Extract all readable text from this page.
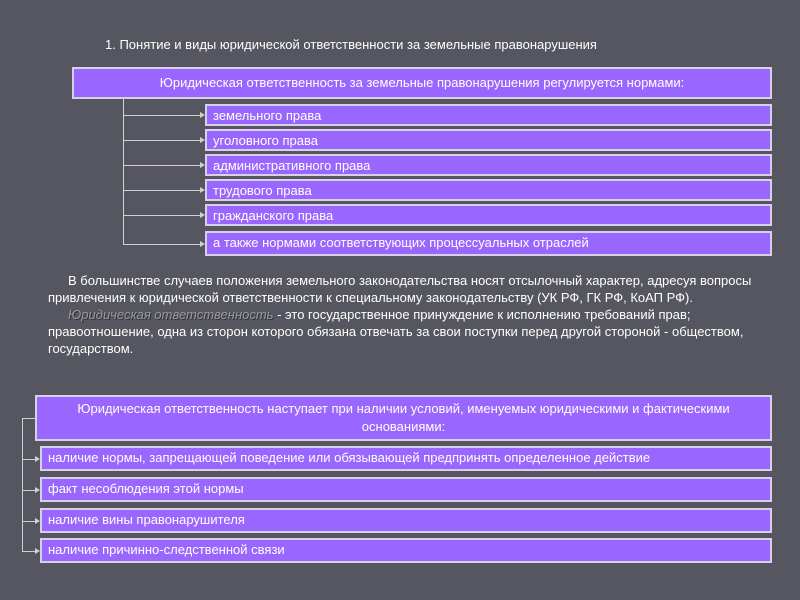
1. Понятие и виды юридической ответственности за земельные правонарушения
Юридическая ответственность за земельные правонарушения регулируется нормами:
земельного права
уголовного права
административного права
трудового права
гражданского права
а также нормами соответствующих процессуальных отраслей
В большинстве случаев положения земельного законодательства носят отсылочный характер, адресуя вопросы привлечения к юридической ответственности к специальному законодательству (УК РФ, ГК РФ, КоАП РФ).
Юридическая ответственность - это государственное принуждение к исполнению требований прав; правоотношение, одна из сторон которого обязана отвечать за свои поступки перед другой стороной - обществом, государством.
Юридическая ответственность наступает при наличии условий, именуемых юридическими и фактическими основаниями:
наличие нормы, запрещающей поведение или обязывающей предпринять определенное действие
факт несоблюдения этой нормы
наличие вины правонарушителя
наличие причинно-следственной связи
